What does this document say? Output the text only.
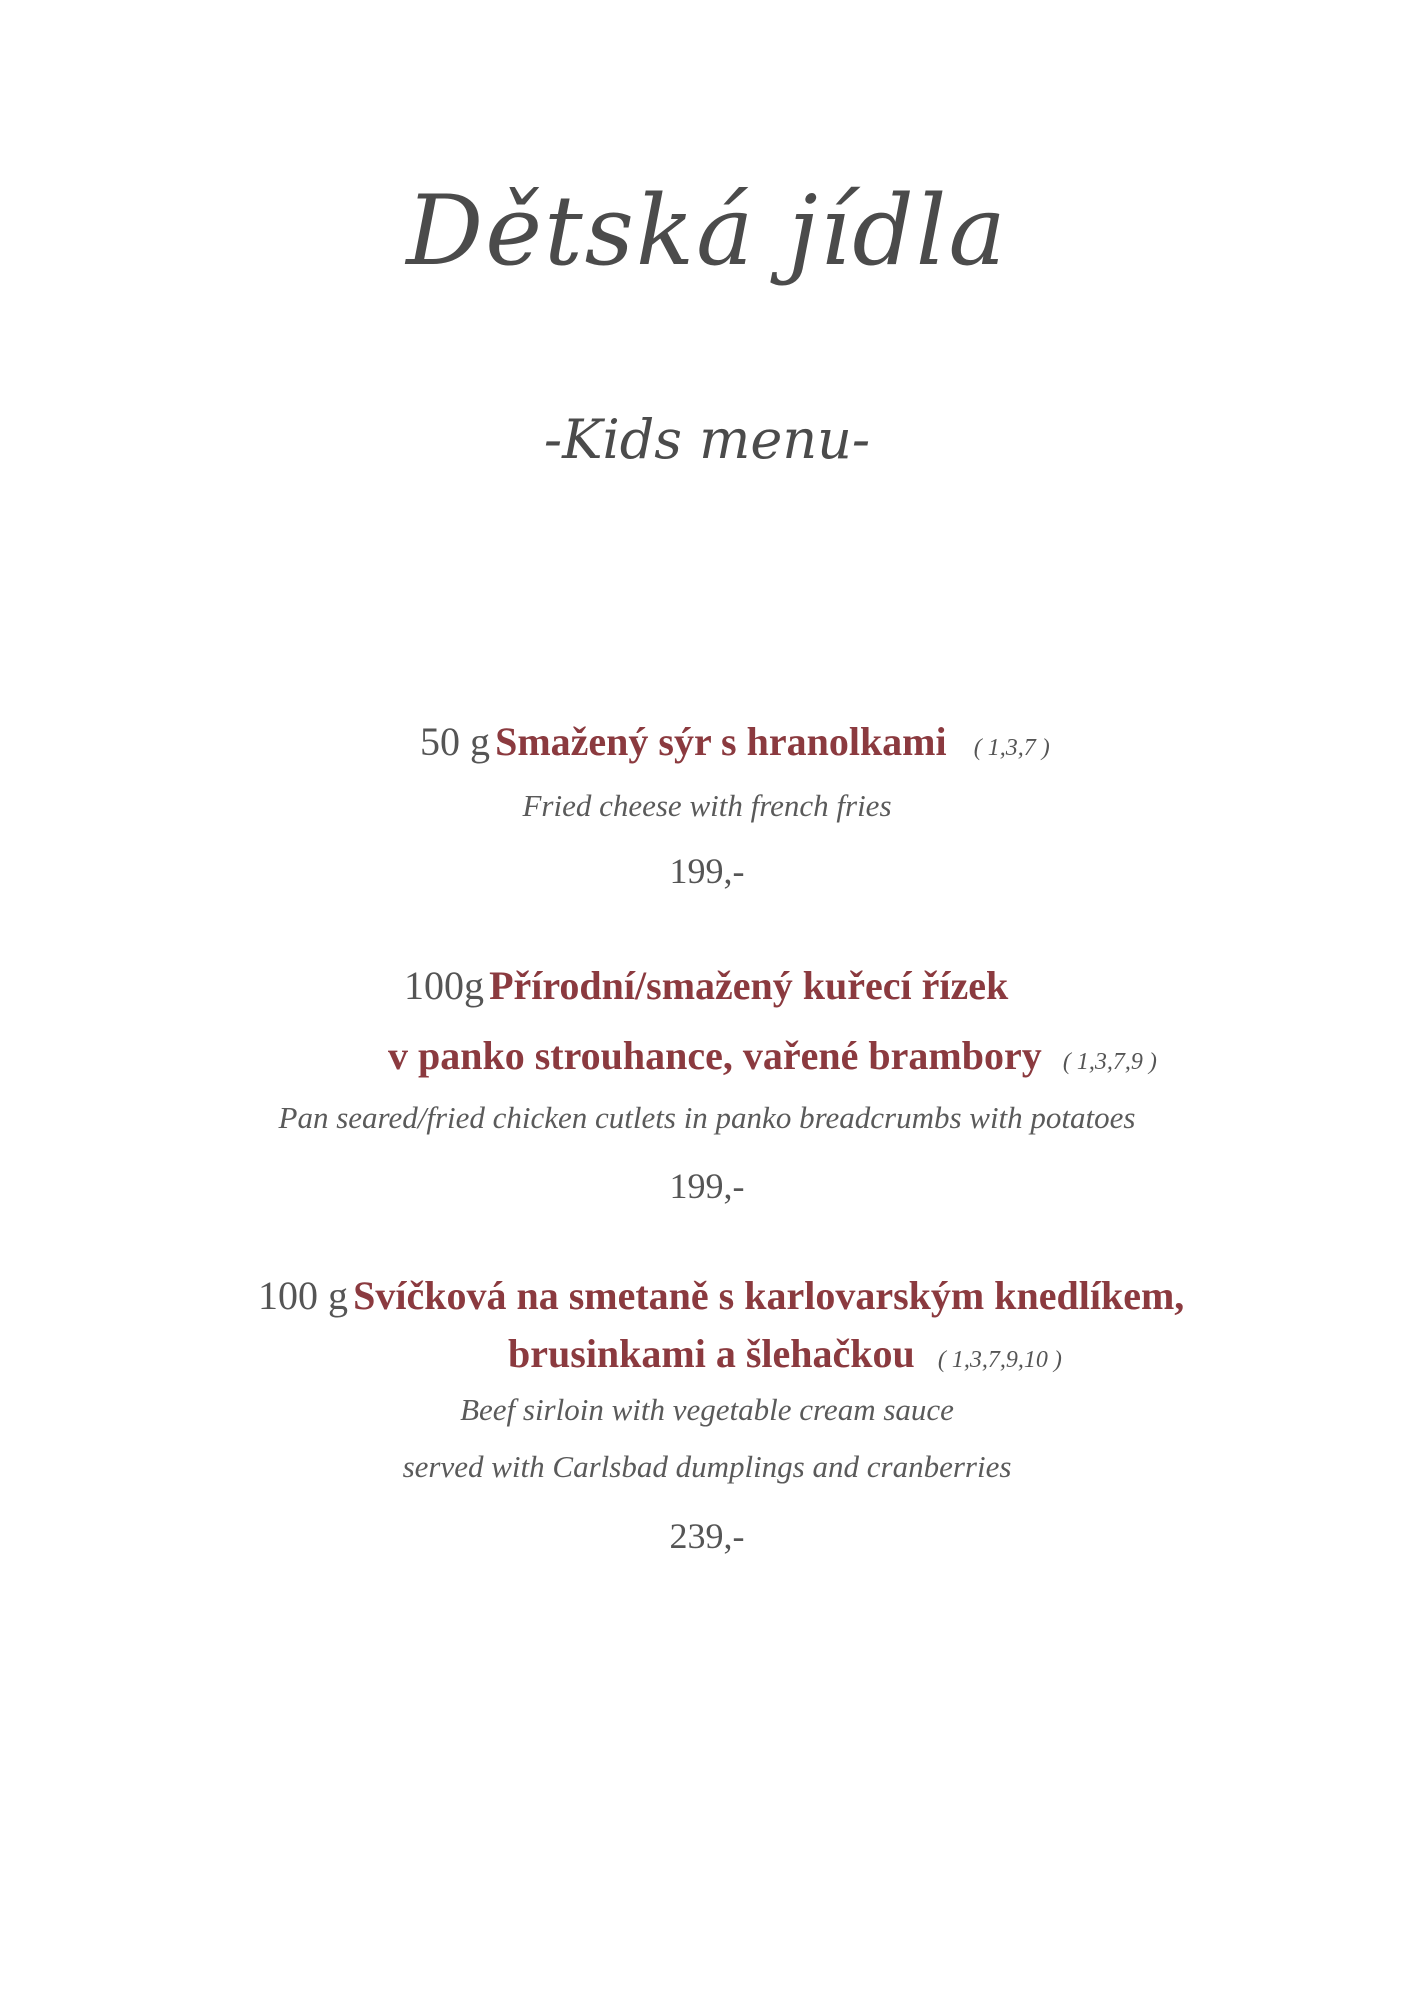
Dětská jídla
-Kids menu-
50 g Smažený sýr s hranolkami ( 1,3,7 )
Fried cheese with french fries
199,-
100g Přírodní/smažený kuřecí řízek
v panko strouhance, vařené brambory ( 1,3,7,9 )
Pan seared/fried chicken cutlets in panko breadcrumbs with potatoes
199,-
100 g Svíčková na smetaně s karlovarským knedlíkem,
brusinkami a šlehačkou ( 1,3,7,9,10 )
Beef sirloin with vegetable cream sauce
served with Carlsbad dumplings and cranberries
239,-
